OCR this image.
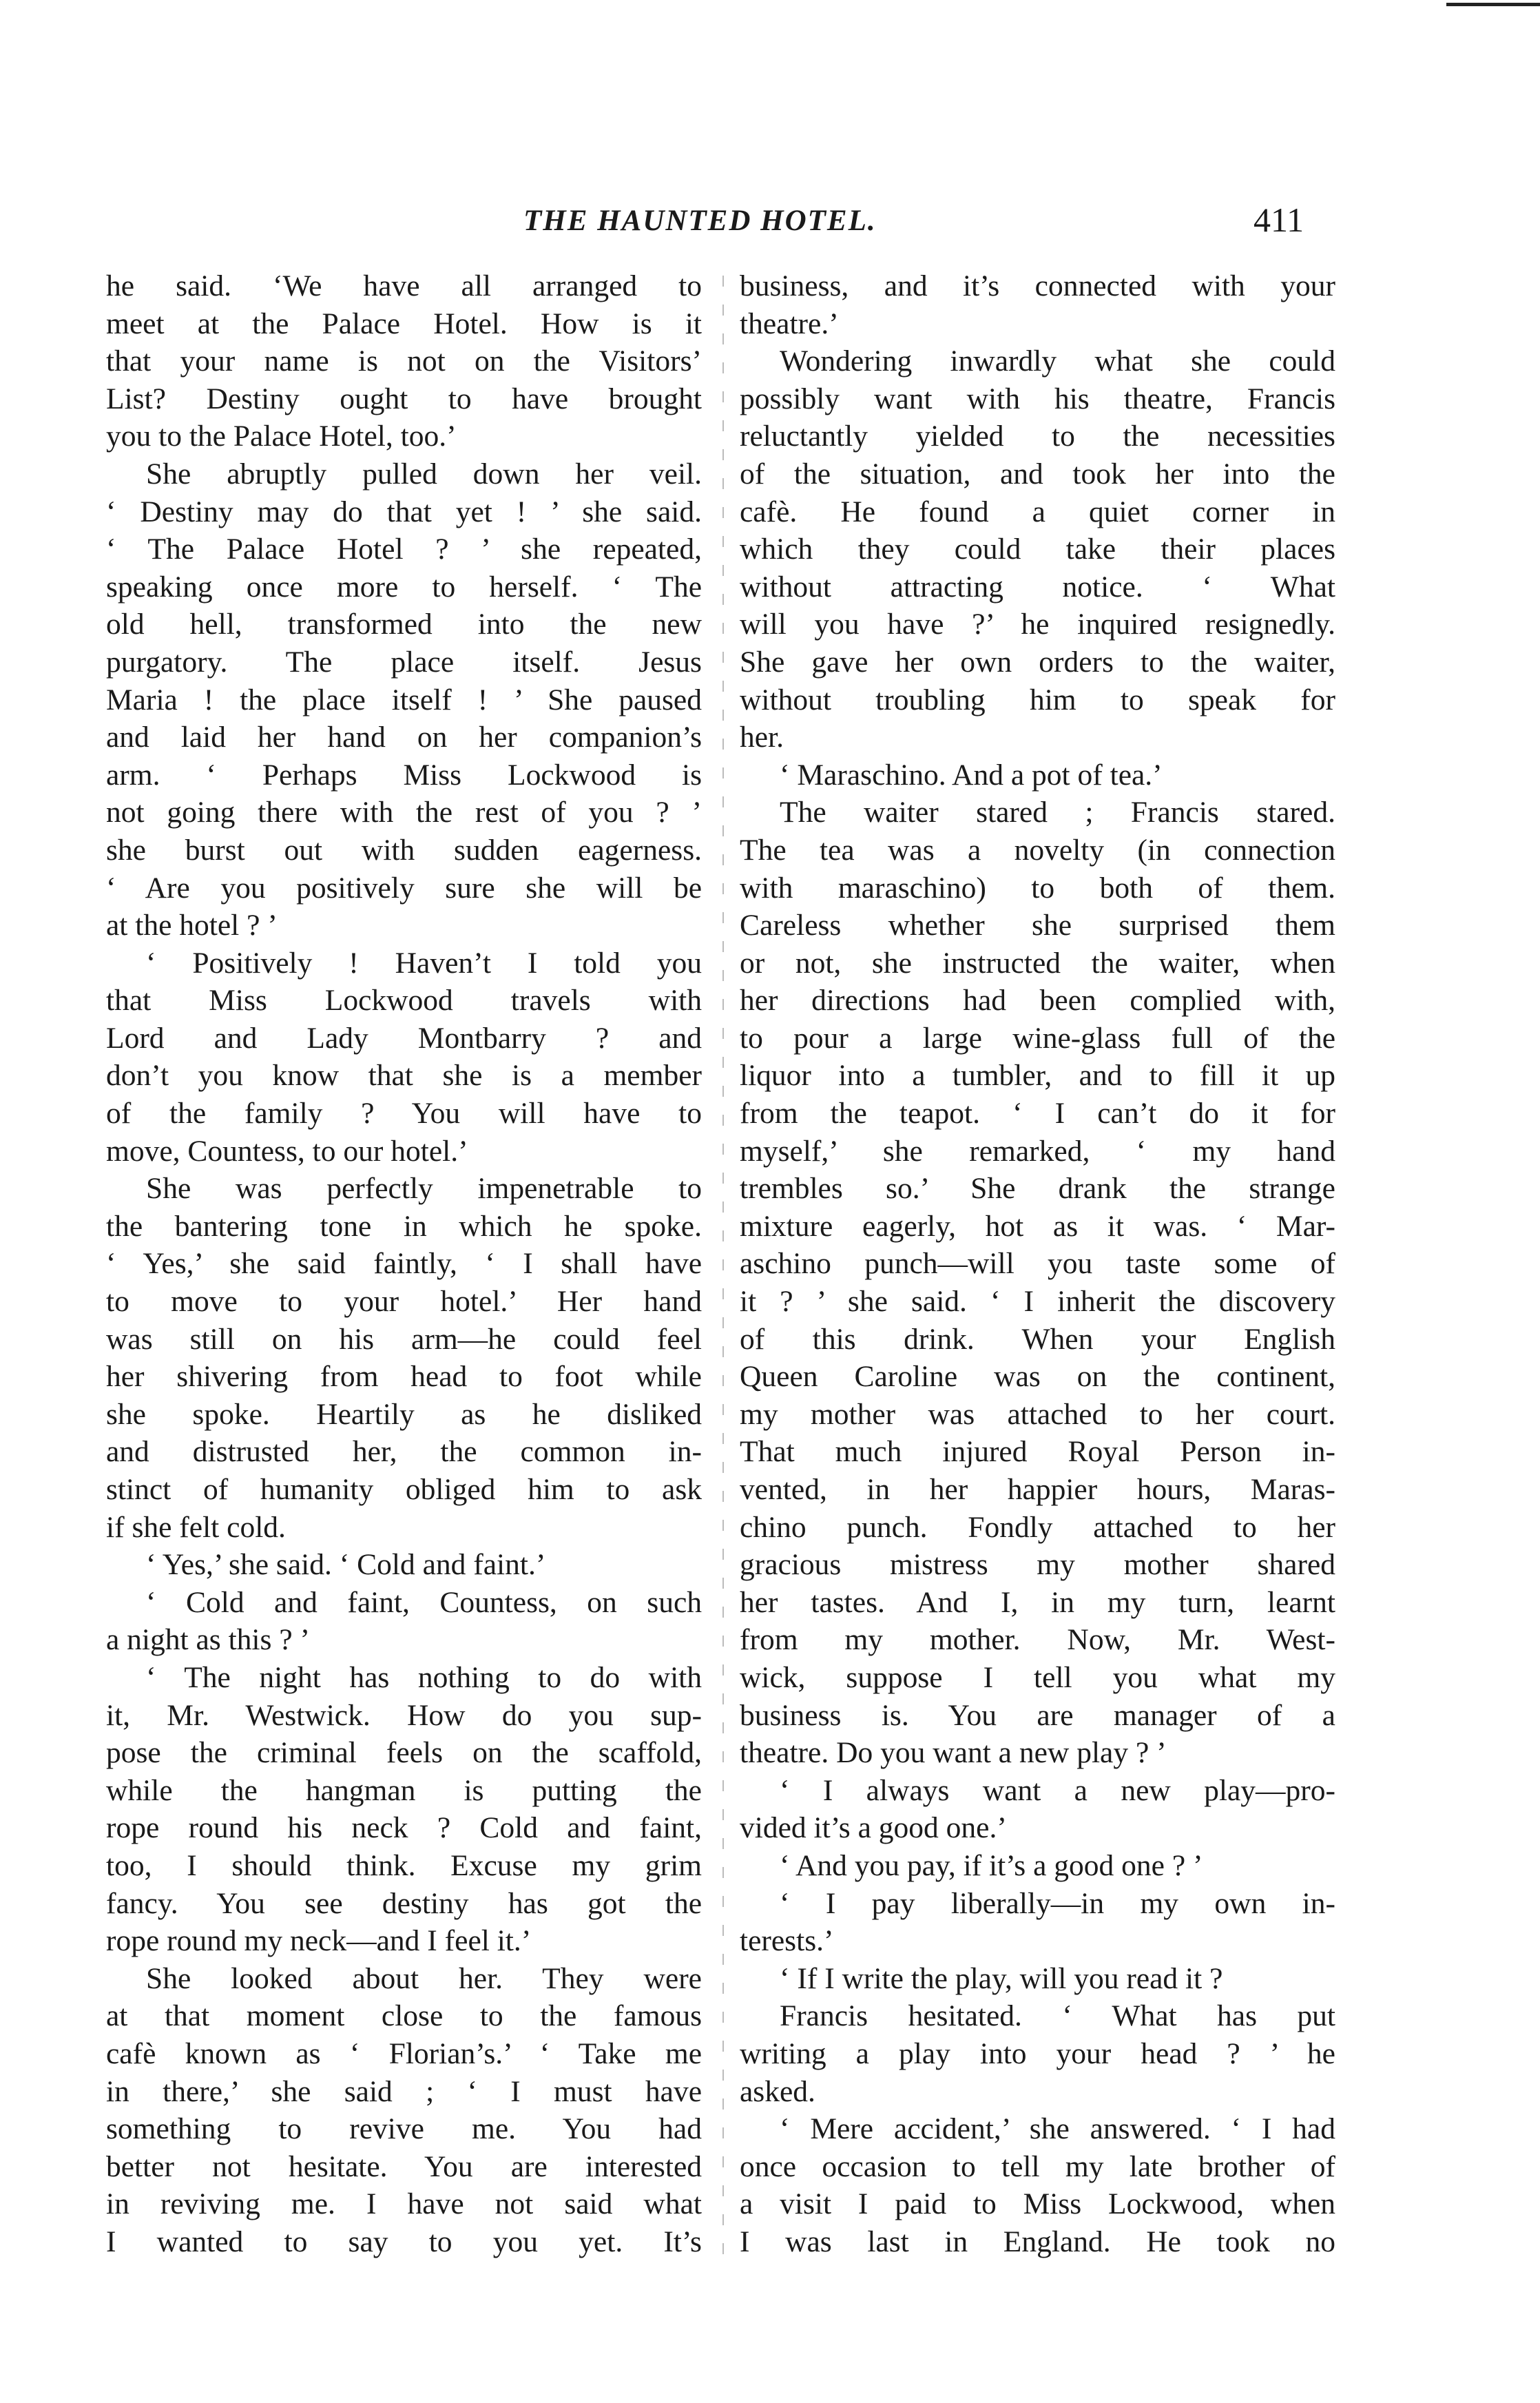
THE HAUNTED HOTEL.	411
he said. ‘We have all arranged to
meet at the Palace Hotel. How is it
that your name is not on the Visitors’
List? Destiny ought to have brought
you to the Palace Hotel, too.’
She abruptly pulled down her veil.
‘ Destiny may do that yet ! ’ she said.
‘ The Palace Hotel ? ’ she repeated,
speaking once more to herself. ‘ The
old hell, transformed into the new
purgatory. The place itself. Jesus
Maria ! the place itself ! ’ She paused
and laid her hand on her companion’s
arm. ‘ Perhaps Miss Lockwood is
not going there with the rest of you ? ’
she burst out with sudden eagerness.
‘ Are you positively sure she will be
at the hotel ? ’
‘ Positively ! Haven’t I told you
that Miss Lockwood travels with
Lord and Lady Montbarry ? and
don’t you know that she is a member
of the family ? You will have to
move, Countess, to our hotel.’
She was perfectly impenetrable to
the bantering tone in which he spoke.
‘ Yes,’ she said faintly, ‘ I shall have
to move to your hotel.’ Her hand
was still on his arm—he could feel
her shivering from head to foot while
she spoke. Heartily as he disliked
and distrusted her, the common in-
stinct of humanity obliged him to ask
if she felt cold.
‘ Yes,’ she said. ‘ Cold and faint.’
‘ Cold and faint, Countess, on such
a night as this ? ’
‘ The night has nothing to do with
it, Mr. Westwick. How do you sup-
pose the criminal feels on the scaffold,
while the hangman is putting the
rope round his neck ? Cold and faint,
too, I should think. Excuse my grim
fancy. You see destiny has got the
rope round my neck—and I feel it.’
She looked about her. They were
at that moment close to the famous
cafè known as ‘ Florian’s.’ ‘ Take me
in there,’ she said ; ‘ I must have
something to revive me. You had
better not hesitate. You are interested
in reviving me. I have not said what
I wanted to say to you yet. It’s
business, and it’s connected with your
theatre.’
Wondering inwardly what she could
possibly want with his theatre, Francis
reluctantly yielded to the necessities
of the situation, and took her into the
cafè. He found a quiet corner in
which they could take their places
without attracting notice. ‘ What
will you have ?’ he inquired resignedly.
She gave her own orders to the waiter,
without troubling him to speak for
her.
‘ Maraschino. And a pot of tea.’
The waiter stared ; Francis stared.
The tea was a novelty (in connection
with maraschino) to both of them.
Careless whether she surprised them
or not, she instructed the waiter, when
her directions had been complied with,
to pour a large wine-glass full of the
liquor into a tumbler, and to fill it up
from the teapot. ‘ I can’t do it for
myself,’ she remarked, ‘ my hand
trembles so.’ She drank the strange
mixture eagerly, hot as it was. ‘ Mar-
aschino punch—will you taste some of
it ? ’ she said. ‘ I inherit the discovery
of this drink. When your English
Queen Caroline was on the continent,
my mother was attached to her court.
That much injured Royal Person in-
vented, in her happier hours, Maras-
chino punch. Fondly attached to her
gracious mistress my mother shared
her tastes. And I, in my turn, learnt
from my mother. Now, Mr. West-
wick, suppose I tell you what my
business is. You are manager of a
theatre. Do you want a new play ? ’
‘ I always want a new play—pro-
vided it’s a good one.’
‘ And you pay, if it’s a good one ? ’
‘ I pay liberally—in my own in-
terests.’
‘ If I write the play, will you read it ?
Francis hesitated. ‘ What has put
writing a play into your head ? ’ he
asked.
‘ Mere accident,’ she answered. ‘ I had
once occasion to tell my late brother of
a visit I paid to Miss Lockwood, when
I was last in England. He took no
